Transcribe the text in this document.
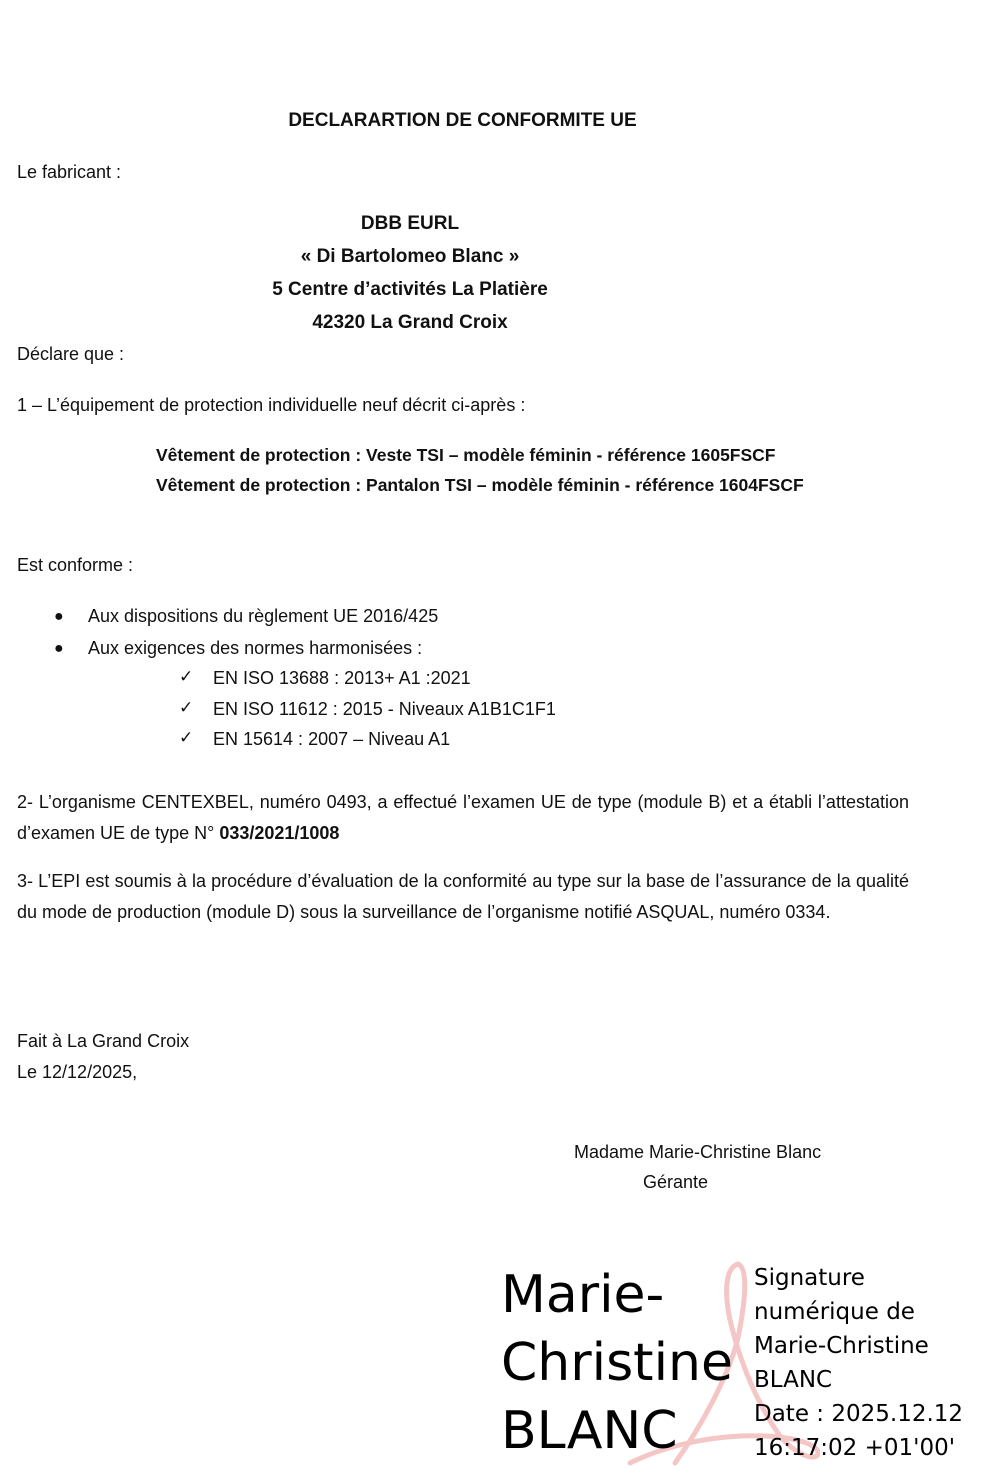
DECLARARTION DE CONFORMITE UE
Le fabricant :
DBB EURL
« Di Bartolomeo Blanc »
5 Centre d’activités La Platière
42320 La Grand Croix
Déclare que :
1 – L’équipement de protection individuelle neuf décrit ci-après :
Vêtement de protection : Veste TSI – modèle féminin - référence 1605FSCF
Vêtement de protection : Pantalon TSI – modèle féminin - référence 1604FSCF
Est conforme :
● Aux dispositions du règlement UE 2016/425
● Aux exigences des normes harmonisées :
✓ EN ISO 13688 : 2013+ A1 :2021
✓ EN ISO 11612 : 2015 - Niveaux A1B1C1F1
✓ EN 15614 : 2007 – Niveau A1
2- L’organisme CENTEXBEL, numéro 0493, a effectué l’examen UE de type (module B) et a établi l’attestation d’examen UE de type N° 033/2021/1008
3- L’EPI est soumis à la procédure d’évaluation de la conformité au type sur la base de l’assurance de la qualité du mode de production (module D) sous la surveillance de l’organisme notifié ASQUAL, numéro 0334.
Fait à La Grand Croix
Le 12/12/2025,
Madame Marie-Christine Blanc
Gérante
Marie-
Christine
BLANC
Signature
numérique de
Marie-Christine
BLANC
Date : 2025.12.12
16:17:02 +01'00'
